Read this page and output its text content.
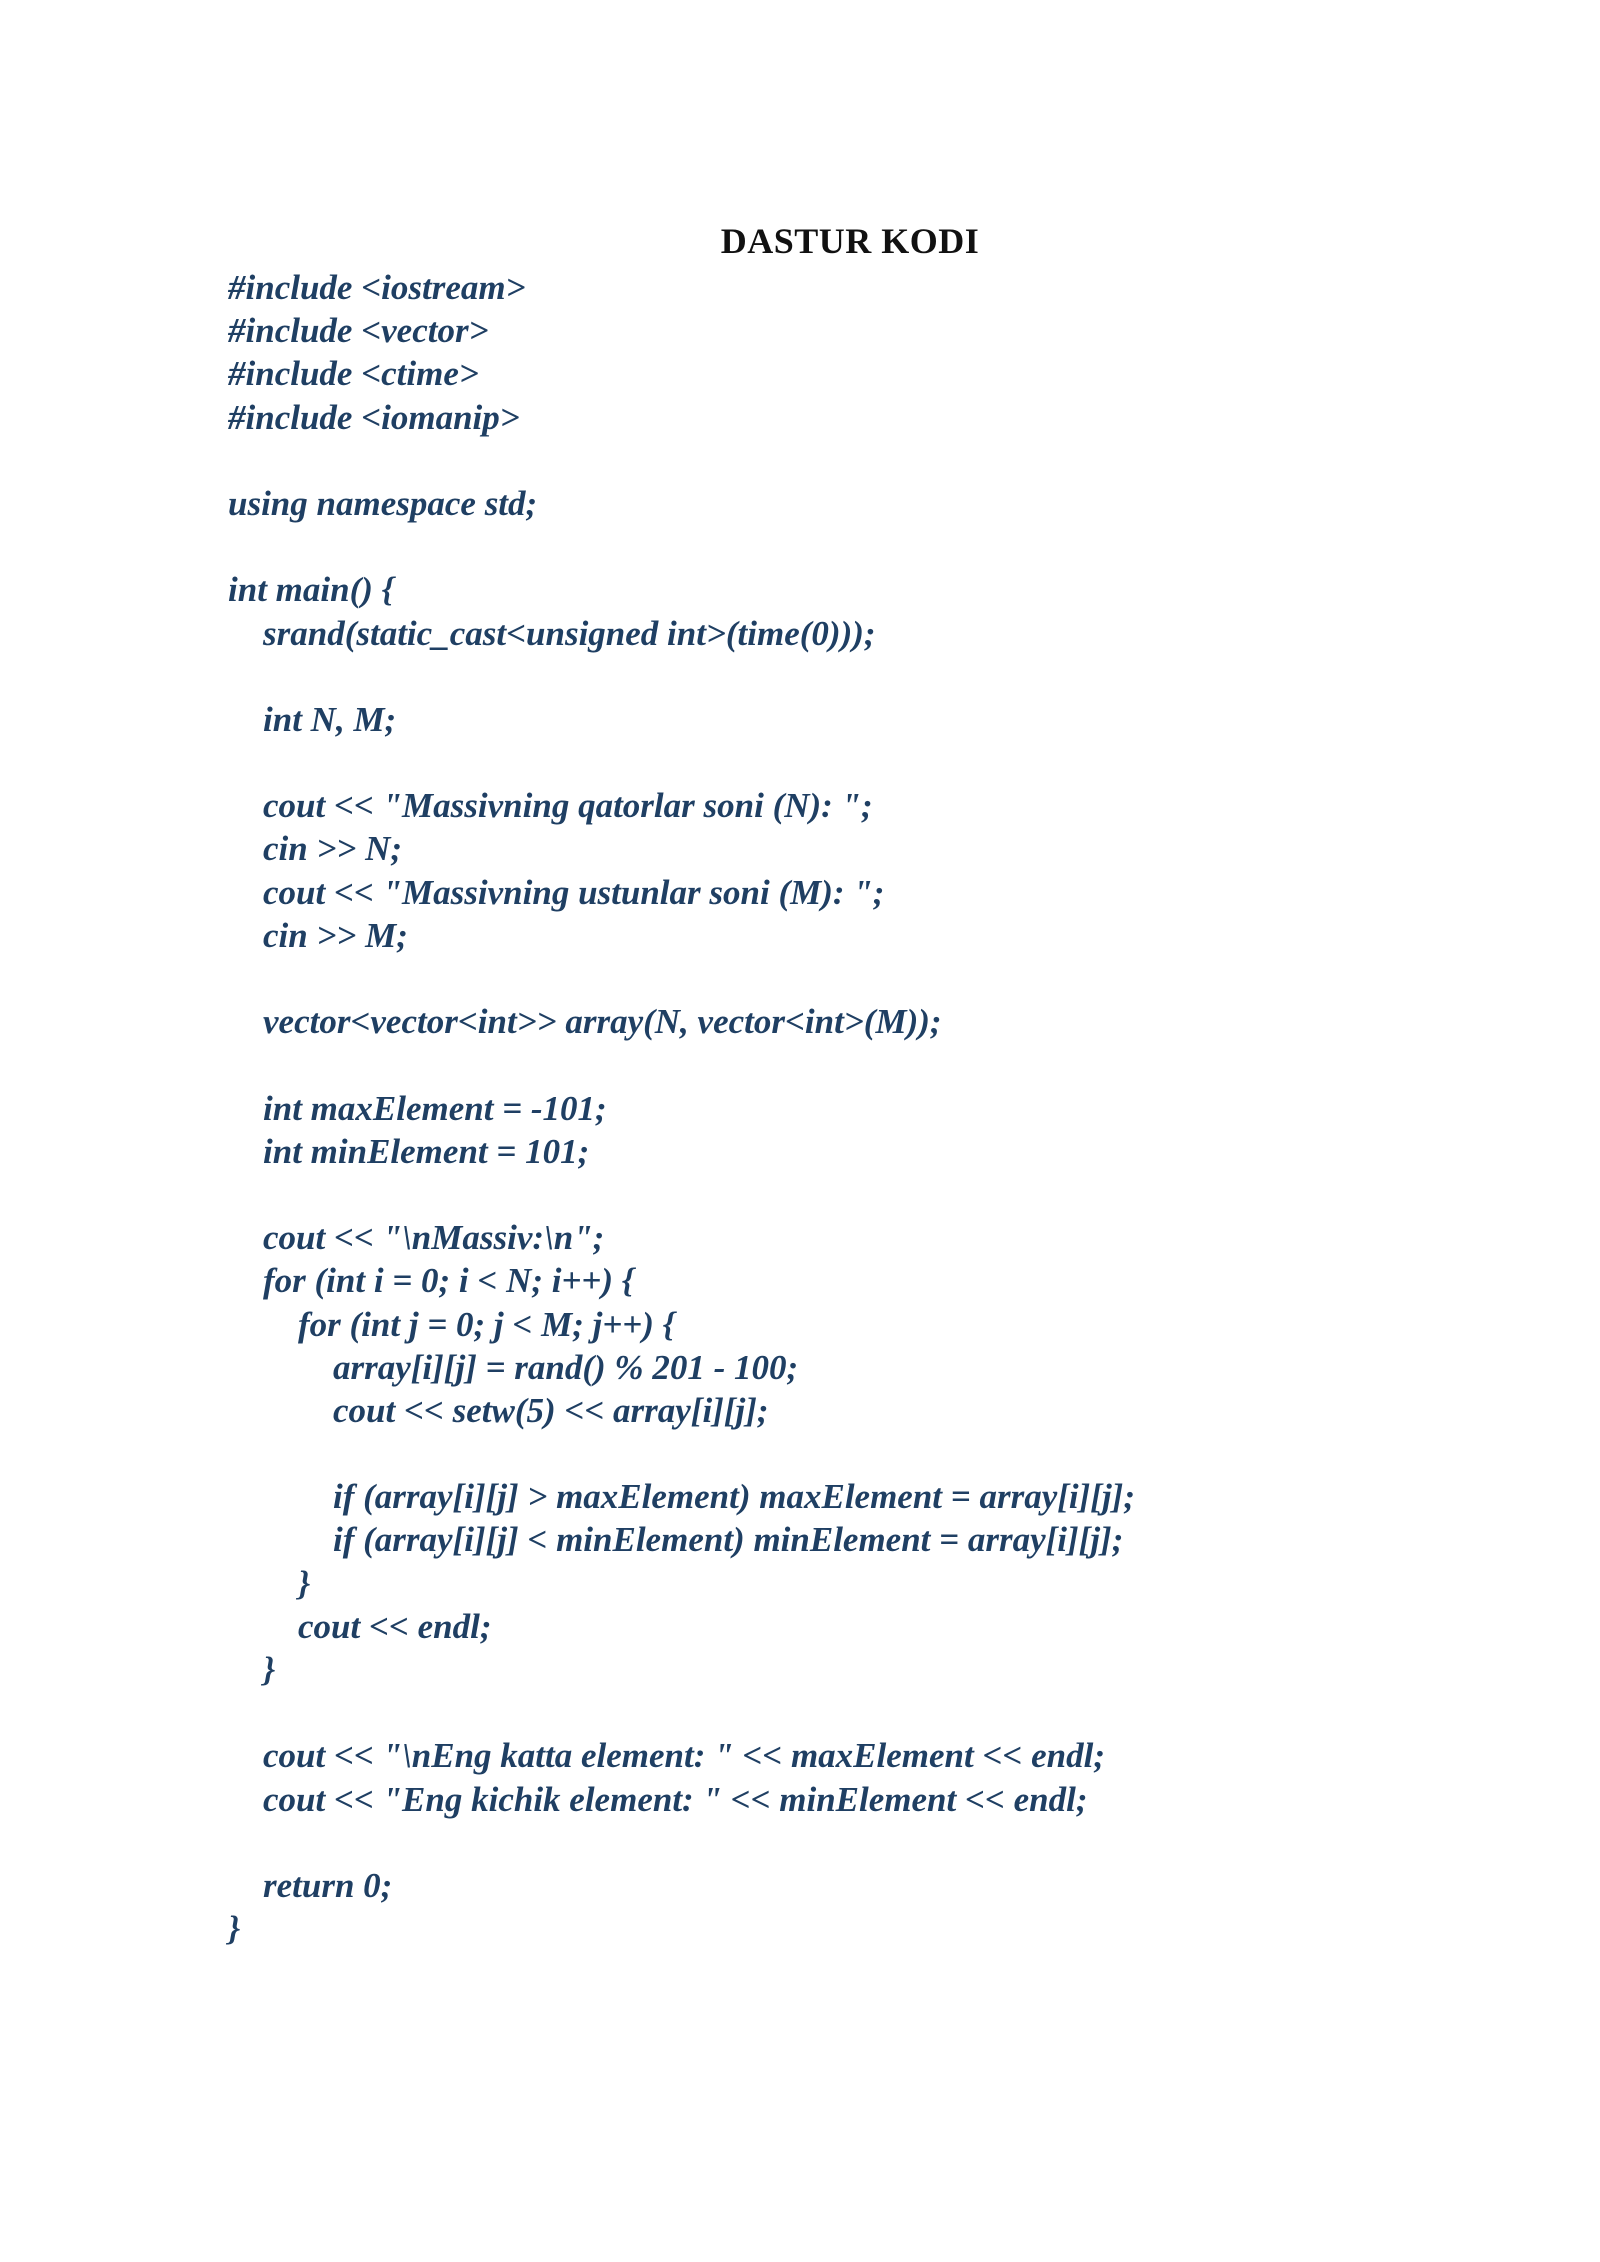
DASTUR KODI
#include <iostream>
#include <vector>
#include <ctime>
#include <iomanip>
using namespace std;
int main() {
srand(static_cast<unsigned int>(time(0)));
int N, M;
cout << "Massivning qatorlar soni (N): ";
cin >> N;
cout << "Massivning ustunlar soni (M): ";
cin >> M;
vector<vector<int>> array(N, vector<int>(M));
int maxElement = -101;
int minElement = 101;
cout << "\nMassiv:\n";
for (int i = 0; i < N; i++) {
for (int j = 0; j < M; j++) {
array[i][j] = rand() % 201 - 100;
cout << setw(5) << array[i][j];
if (array[i][j] > maxElement) maxElement = array[i][j];
if (array[i][j] < minElement) minElement = array[i][j];
}
cout << endl;
}
cout << "\nEng katta element: " << maxElement << endl;
cout << "Eng kichik element: " << minElement << endl;
return 0;
}
